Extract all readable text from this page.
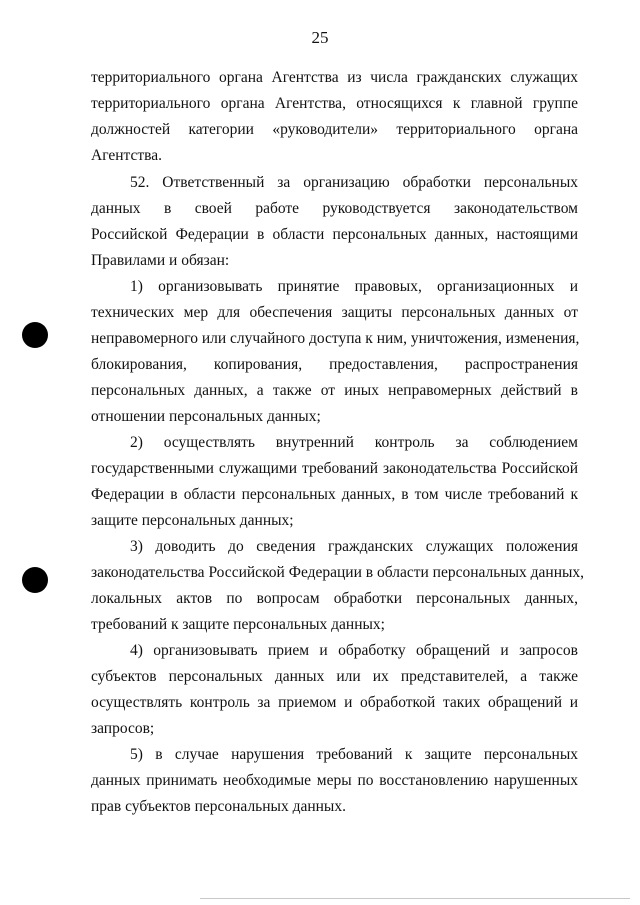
25
территориального органа Агентства из числа гражданских служащих
территориального органа Агентства, относящихся к главной группе
должностей категории «руководители» территориального органа
Агентства.
52. Ответственный за организацию обработки персональных
данных в своей работе руководствуется законодательством
Российской Федерации в области персональных данных, настоящими
Правилами и обязан:
1) организовывать принятие правовых, организационных и
технических мер для обеспечения защиты персональных данных от
неправомерного или случайного доступа к ним, уничтожения, изменения,
блокирования, копирования, предоставления, распространения
персональных данных, а также от иных неправомерных действий в
отношении персональных данных;
2) осуществлять внутренний контроль за соблюдением
государственными служащими требований законодательства Российской
Федерации в области персональных данных, в том числе требований к
защите персональных данных;
3) доводить до сведения гражданских служащих положения
законодательства Российской Федерации в области персональных данных,
локальных актов по вопросам обработки персональных данных,
требований к защите персональных данных;
4) организовывать прием и обработку обращений и запросов
субъектов персональных данных или их представителей, а также
осуществлять контроль за приемом и обработкой таких обращений и
запросов;
5) в случае нарушения требований к защите персональных
данных принимать необходимые меры по восстановлению нарушенных
прав субъектов персональных данных.
